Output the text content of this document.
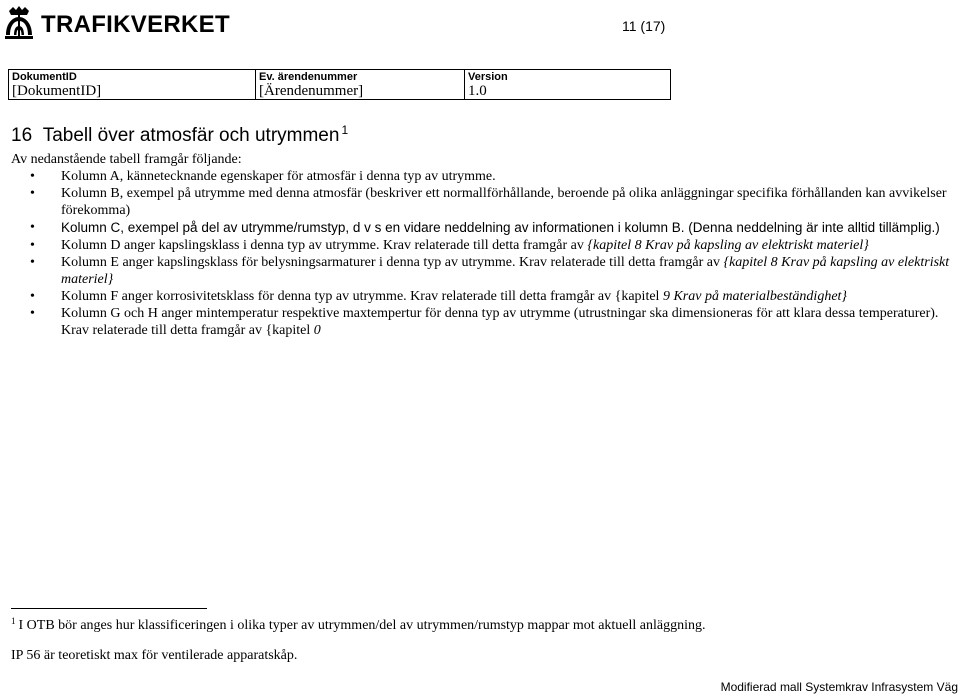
TRAFIKVERKET	11 (17)
DokumentID
[DokumentID]
Ev. ärendenummer
[Ärendenummer]
Version
1.0
16 Tabell över atmosfär och utrymmen $^1$
Av nedanstående tabell framgår följande:
• Kolumn A, kännetecknande egenskaper för atmosfär i denna typ av utrymme.
• Kolumn B, exempel på utrymme med denna atmosfär (beskriver ett normallförhållande, beroende på olika anläggningar specifika förhållanden kan avvikelser förekomma)
• Kolumn C, exempel på del av utrymme/rumstyp, d v s en vidare neddelning av informationen i kolumn B. (Denna neddelning är inte alltid tillämplig.)
• Kolumn D anger kapslingsklass i denna typ av utrymme. Krav relaterade till detta framgår av {kapitel 8 Krav på kapsling av elektriskt materiel}
• Kolumn E anger kapslingsklass för belysningsarmaturer i denna typ av utrymme. Krav relaterade till detta framgår av {kapitel 8 Krav på kapsling av elektriskt materiel}
• Kolumn F anger korrosivitetsklass för denna typ av utrymme. Krav relaterade till detta framgår av {kapitel 9 Krav på materialbeständighet}
• Kolumn G och H anger mintemperatur respektive maxtempertur för denna typ av utrymme (utrustningar ska dimensioneras för att klara dessa temperaturer). Krav relaterade till detta framgår av {kapitel 0
$^1$ I OTB bör anges hur klassificeringen i olika typer av utrymmen/del av utrymmen/rumstyp mappar mot aktuell anläggning.
IP 56 är teoretiskt max för ventilerade apparatskåp.
Modifierad mall Systemkrav Infrasystem Väg
